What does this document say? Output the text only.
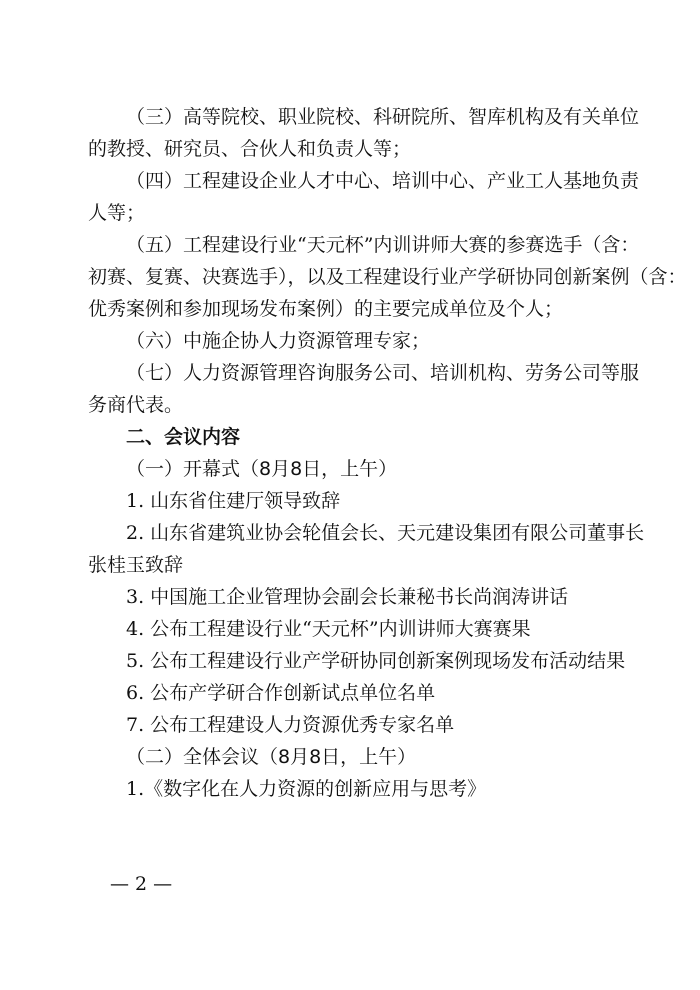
（三）高等院校、职业院校、科研院所、智库机构及有关单位
的教授、研究员、合伙人和负责人等；
（四）工程建设企业人才中心、培训中心、产业工人基地负责
人等；
（五）工程建设行业“天元杯”内训讲师大赛的参赛选手（含：
初赛、复赛、决赛选手），以及工程建设行业产学研协同创新案例（含：
优秀案例和参加现场发布案例）的主要完成单位及个人；
（六）中施企协人力资源管理专家；
（七）人力资源管理咨询服务公司、培训机构、劳务公司等服
务商代表。
二、会议内容
（一）开幕式（8月8日，上午）
1. 山东省住建厅领导致辞
2. 山东省建筑业协会轮值会长、天元建设集团有限公司董事长
张桂玉致辞
3. 中国施工企业管理协会副会长兼秘书长尚润涛讲话
4. 公布工程建设行业“天元杯”内训讲师大赛赛果
5. 公布工程建设行业产学研协同创新案例现场发布活动结果
6. 公布产学研合作创新试点单位名单
7. 公布工程建设人力资源优秀专家名单
（二）全体会议（8月8日，上午）
1.《数字化在人力资源的创新应用与思考》
— 2 —
